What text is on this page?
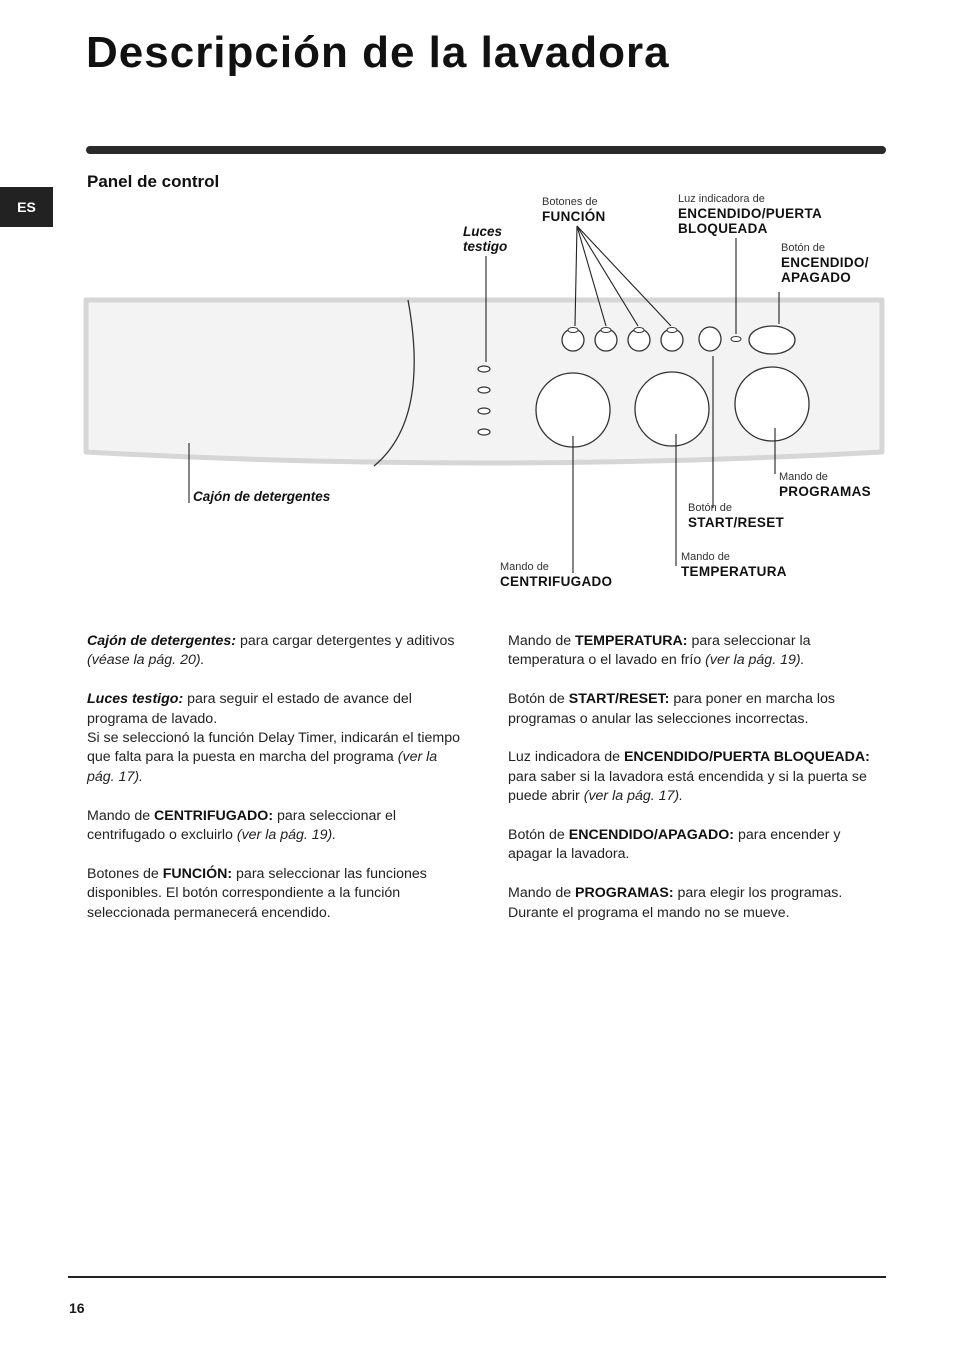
Descripción de la lavadora
ES
Panel de control
Luces
testigo
Botones de
FUNCIÓN
Luz indicadora de
ENCENDIDO/PUERTA
BLOQUEADA
Botón de
ENCENDIDO/
APAGADO
Cajón de detergentes
Mando de
PROGRAMAS
Botón de
START/RESET
Mando de
TEMPERATURA
Mando de
CENTRIFUGADO

Cajón de detergentes: para cargar detergentes y aditivos (véase la pág. 20).

Luces testigo: para seguir el estado de avance del programa de lavado.
Si se seleccionó la función Delay Timer, indicarán el tiempo que falta para la puesta en marcha del programa (ver la pág. 17).

Mando de CENTRIFUGADO: para seleccionar el centrifugado o excluirlo (ver la pág. 19).

Botones de FUNCIÓN: para seleccionar las funciones disponibles. El botón correspondiente a la función seleccionada permanecerá encendido.

Mando de TEMPERATURA: para seleccionar la temperatura o el lavado en frío (ver la pág. 19).

Botón de START/RESET: para poner en marcha los programas o anular las selecciones incorrectas.

Luz indicadora de ENCENDIDO/PUERTA BLOQUEADA: para saber si la lavadora está encendida y si la puerta se puede abrir (ver la pág. 17).

Botón de ENCENDIDO/APAGADO: para encender y apagar la lavadora.

Mando de PROGRAMAS: para elegir los programas. Durante el programa el mando no se mueve.

16
